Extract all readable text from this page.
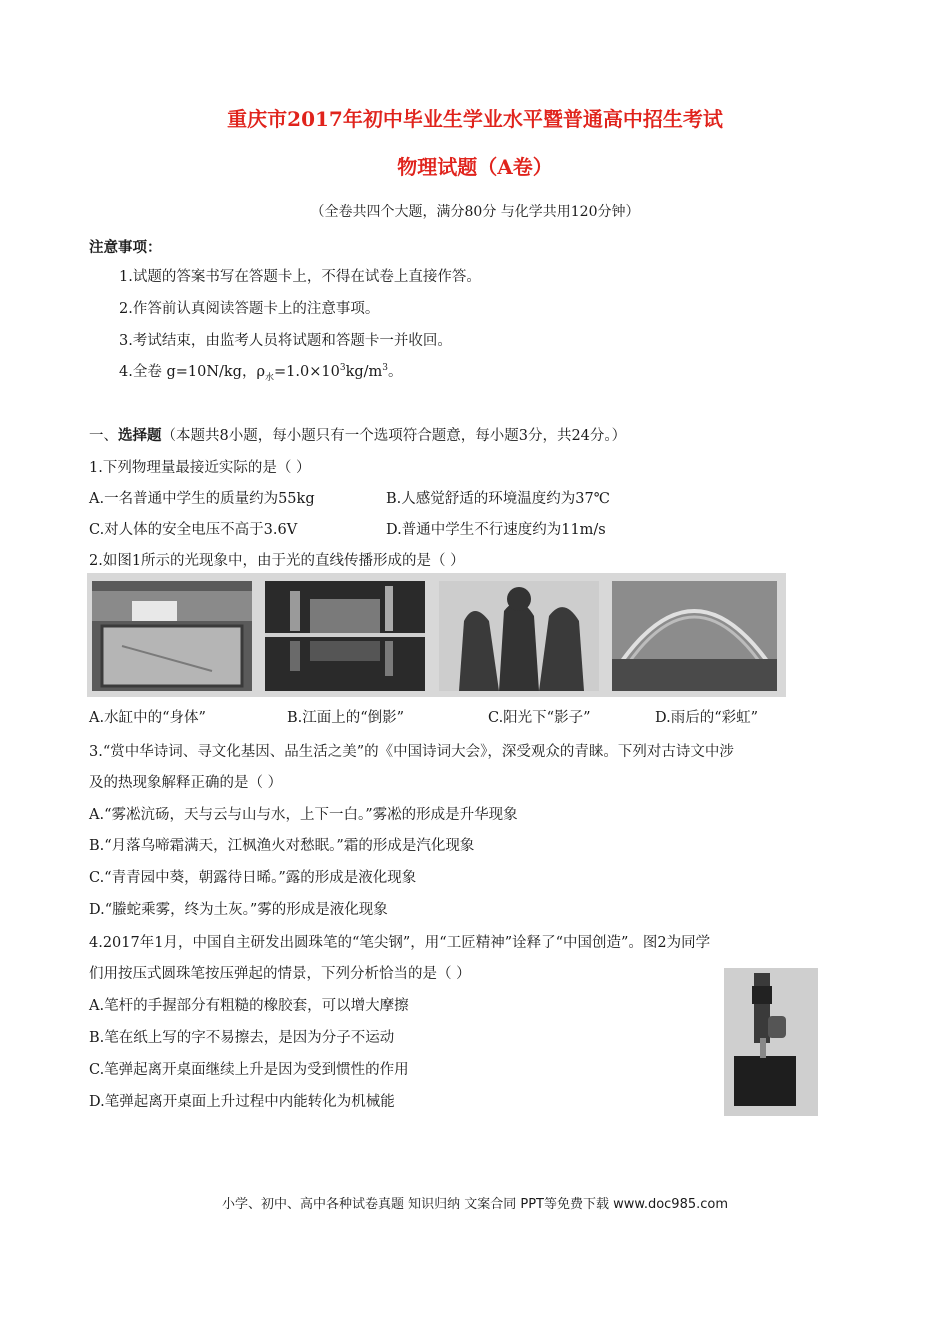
重庆市2017年初中毕业生学业水平暨普通高中招生考试
物理试题（A卷）
（全卷共四个大题，满分80分 与化学共用120分钟）
注意事项：
1.试题的答案书写在答题卡上，不得在试卷上直接作答。
2.作答前认真阅读答题卡上的注意事项。
3.考试结束，由监考人员将试题和答题卡一并收回。
4.全卷 g=10N/kg，$\rho_水=1.0\times 10^3kg/m^3$。
一、选择题（本题共8小题，每小题只有一个选项符合题意，每小题3分，共24分。）
1.下列物理量最接近实际的是（ ）
A.一名普通中学生的质量约为55kg	B.人感觉舒适的环境温度约为37℃
C.对人体的安全电压不高于3.6V	D.普通中学生不行速度约为11m/s
2.如图1所示的光现象中，由于光的直线传播形成的是（ ）
A.水缸中的“身体”	B.江面上的“倒影”	C.阳光下“影子”	D.雨后的“彩虹”
3.“赏中华诗词、寻文化基因、品生活之美”的《中国诗词大会》，深受观众的青睐。下列对古诗文中涉
及的热现象解释正确的是（ ）
A.“雾凇沆砀，天与云与山与水，上下一白。”雾凇的形成是升华现象
B.“月落乌啼霜满天，江枫渔火对愁眠。”霜的形成是汽化现象
C.“青青园中葵，朝露待日晞。”露的形成是液化现象
D.“螣蛇乘雾，终为土灰。”雾的形成是液化现象
4.2017年1月，中国自主研发出圆珠笔的“笔尖钢”，用“工匠精神”诠释了“中国创造”。图2为同学
们用按压式圆珠笔按压弹起的情景，下列分析恰当的是（ ）
A.笔杆的手握部分有粗糙的橡胶套，可以增大摩擦
B.笔在纸上写的字不易擦去，是因为分子不运动
C.笔弹起离开桌面继续上升是因为受到惯性的作用
D.笔弹起离开桌面上升过程中内能转化为机械能
小学、初中、高中各种试卷真题 知识归纳 文案合同 PPT等免费下载 www.doc985.com
